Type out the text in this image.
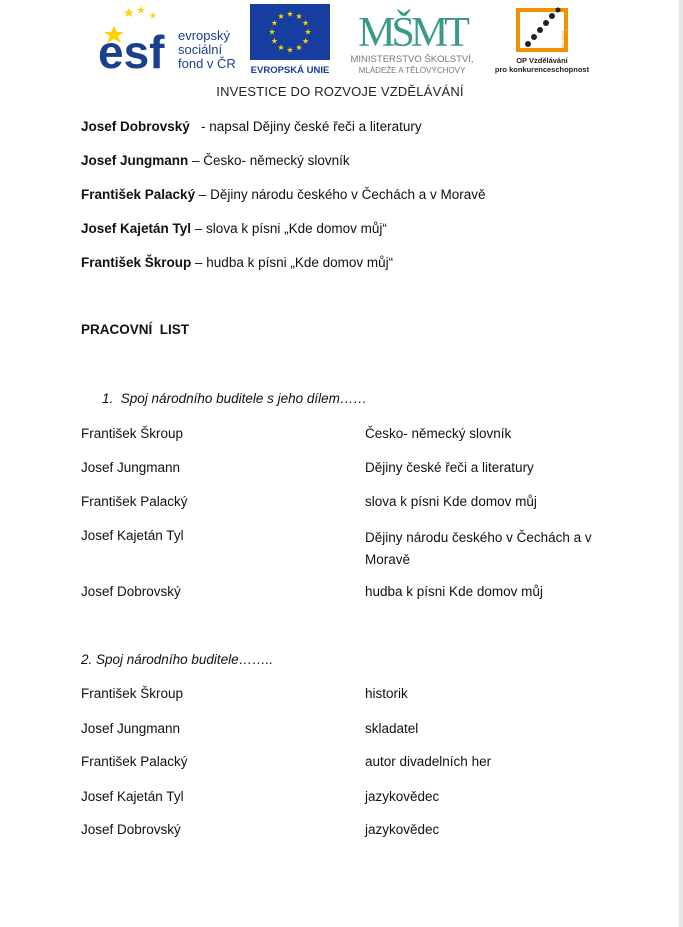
esf evropský
sociální
fond v ČR EVROPSKÁ UNIE
MŠMT
MINISTERSTVO ŠKOLSTVÍ,
MLÁDEŽE A TĚLOVÝCHOVY
pro učení
OP Vzdělávání
pro konkurenceschopnost
INVESTICE DO ROZVOJE VZDĚLÁVÁNÍ
Josef Dobrovský   - napsal Dějiny české řeči a literatury
Josef Jungmann – Česko- německý slovník
František Palacký – Dějiny národu českého v Čechách a v Moravě
Josef Kajetán Tyl – slova k písni „Kde domov můj“
František Škroup – hudba k písni „Kde domov můj“
PRACOVNÍ  LIST
1. Spoj národního buditele s jeho dílem……
František Škroup
Josef Jungmann
František Palacký
Josef Kajetán Tyl
Josef Dobrovský
Česko- německý slovník
Dějiny české řeči a literatury
slova k písni Kde domov můj
Dějiny národu českého v Čechách a v Moravě
hudba k písni Kde domov můj
2. Spoj národního buditele……..
František Škroup
Josef Jungmann
František Palacký
Josef Kajetán Tyl
Josef Dobrovský
historik
skladatel
autor divadelních her
jazykovědec
jazykovědec
